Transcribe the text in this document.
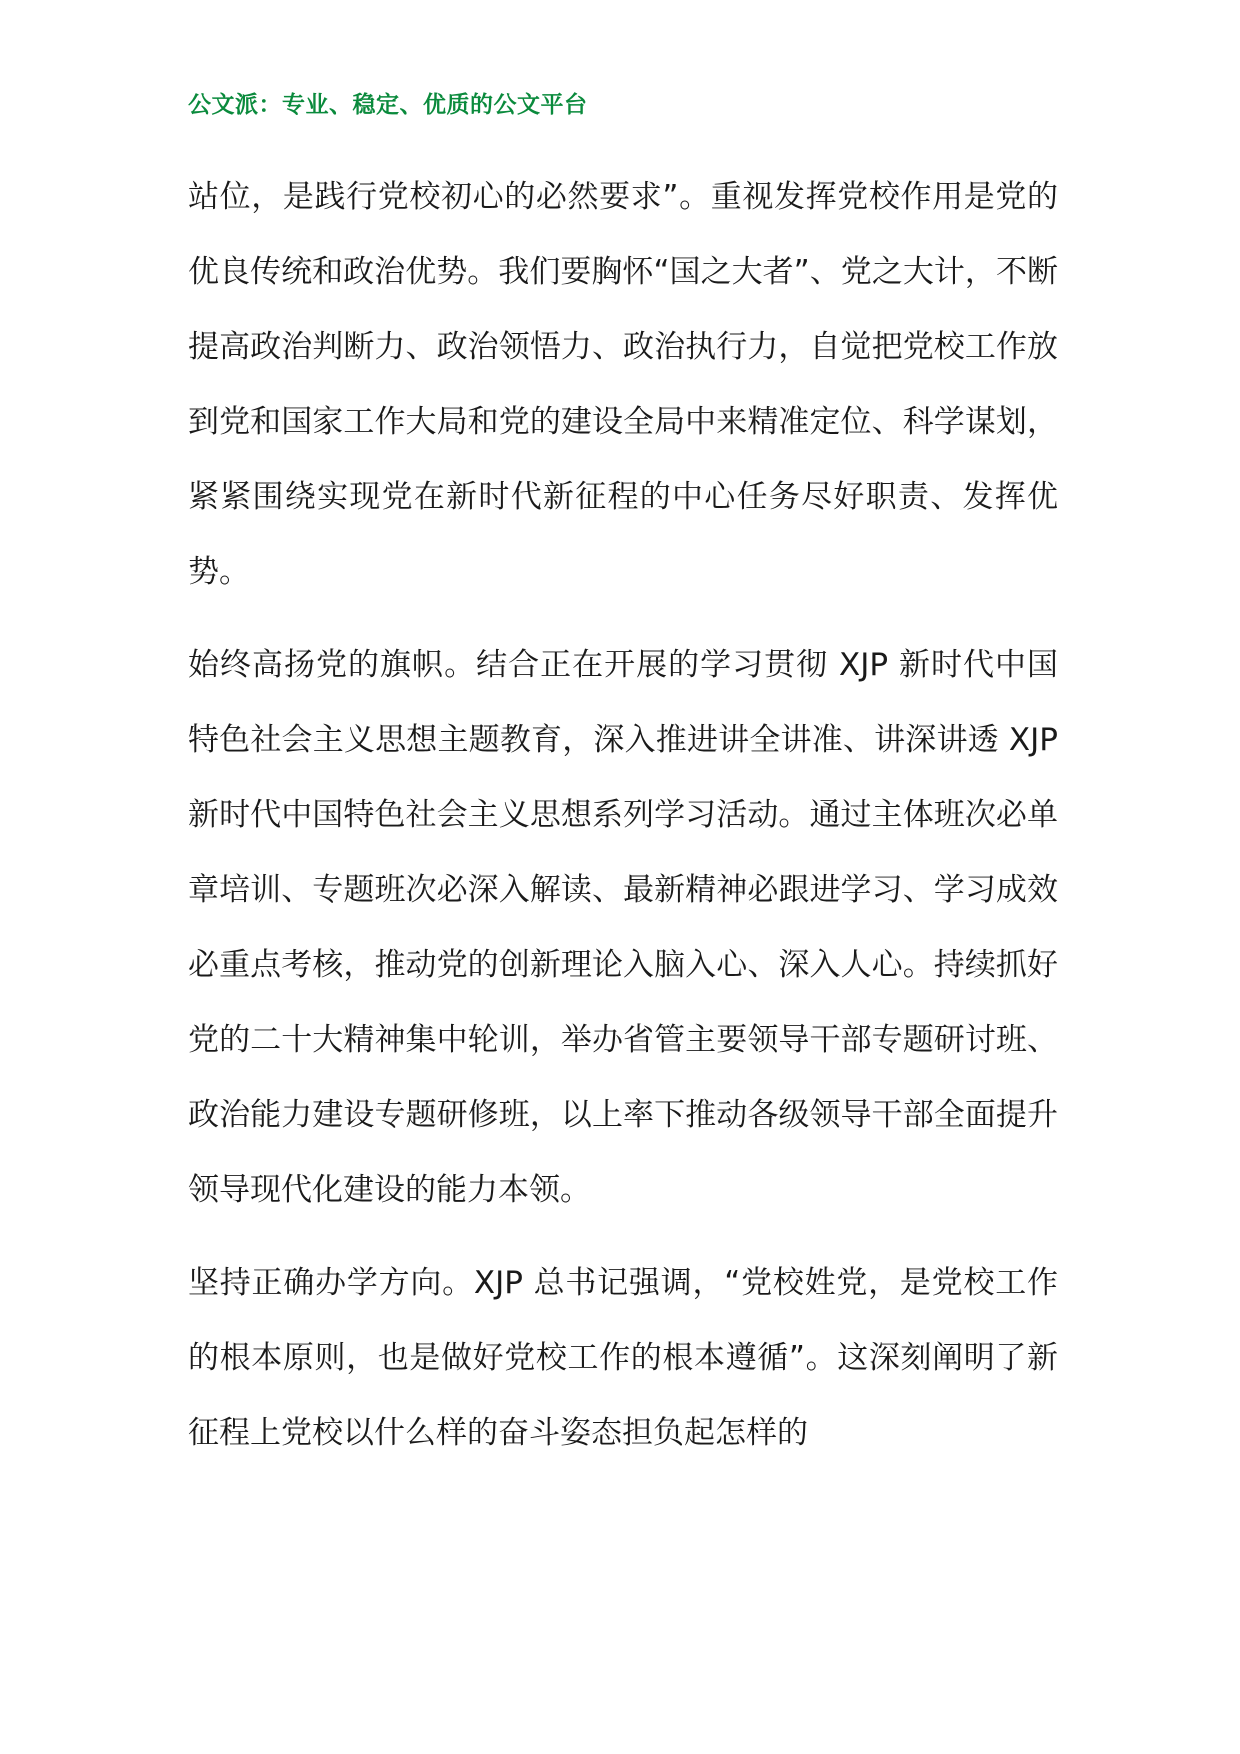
公文派：专业、稳定、优质的公文平台

站位，是践行党校初心的必然要求”。重视发挥党校作用是党的优良传统和政治优势。我们要胸怀“国之大者”、党之大计，不断提高政治判断力、政治领悟力、政治执行力，自觉把党校工作放到党和国家工作大局和党的建设全局中来精准定位、科学谋划，紧紧围绕实现党在新时代新征程的中心任务尽好职责、发挥优势。

始终高扬党的旗帜。结合正在开展的学习贯彻 XJP 新时代中国特色社会主义思想主题教育，深入推进讲全讲准、讲深讲透 XJP 新时代中国特色社会主义思想系列学习活动。通过主体班次必单章培训、专题班次必深入解读、最新精神必跟进学习、学习成效必重点考核，推动党的创新理论入脑入心、深入人心。持续抓好党的二十大精神集中轮训，举办省管主要领导干部专题研讨班、政治能力建设专题研修班，以上率下推动各级领导干部全面提升领导现代化建设的能力本领。

坚持正确办学方向。XJP 总书记强调，“党校姓党，是党校工作的根本原则，也是做好党校工作的根本遵循”。这深刻阐明了新征程上党校以什么样的奋斗姿态担负起怎样的
